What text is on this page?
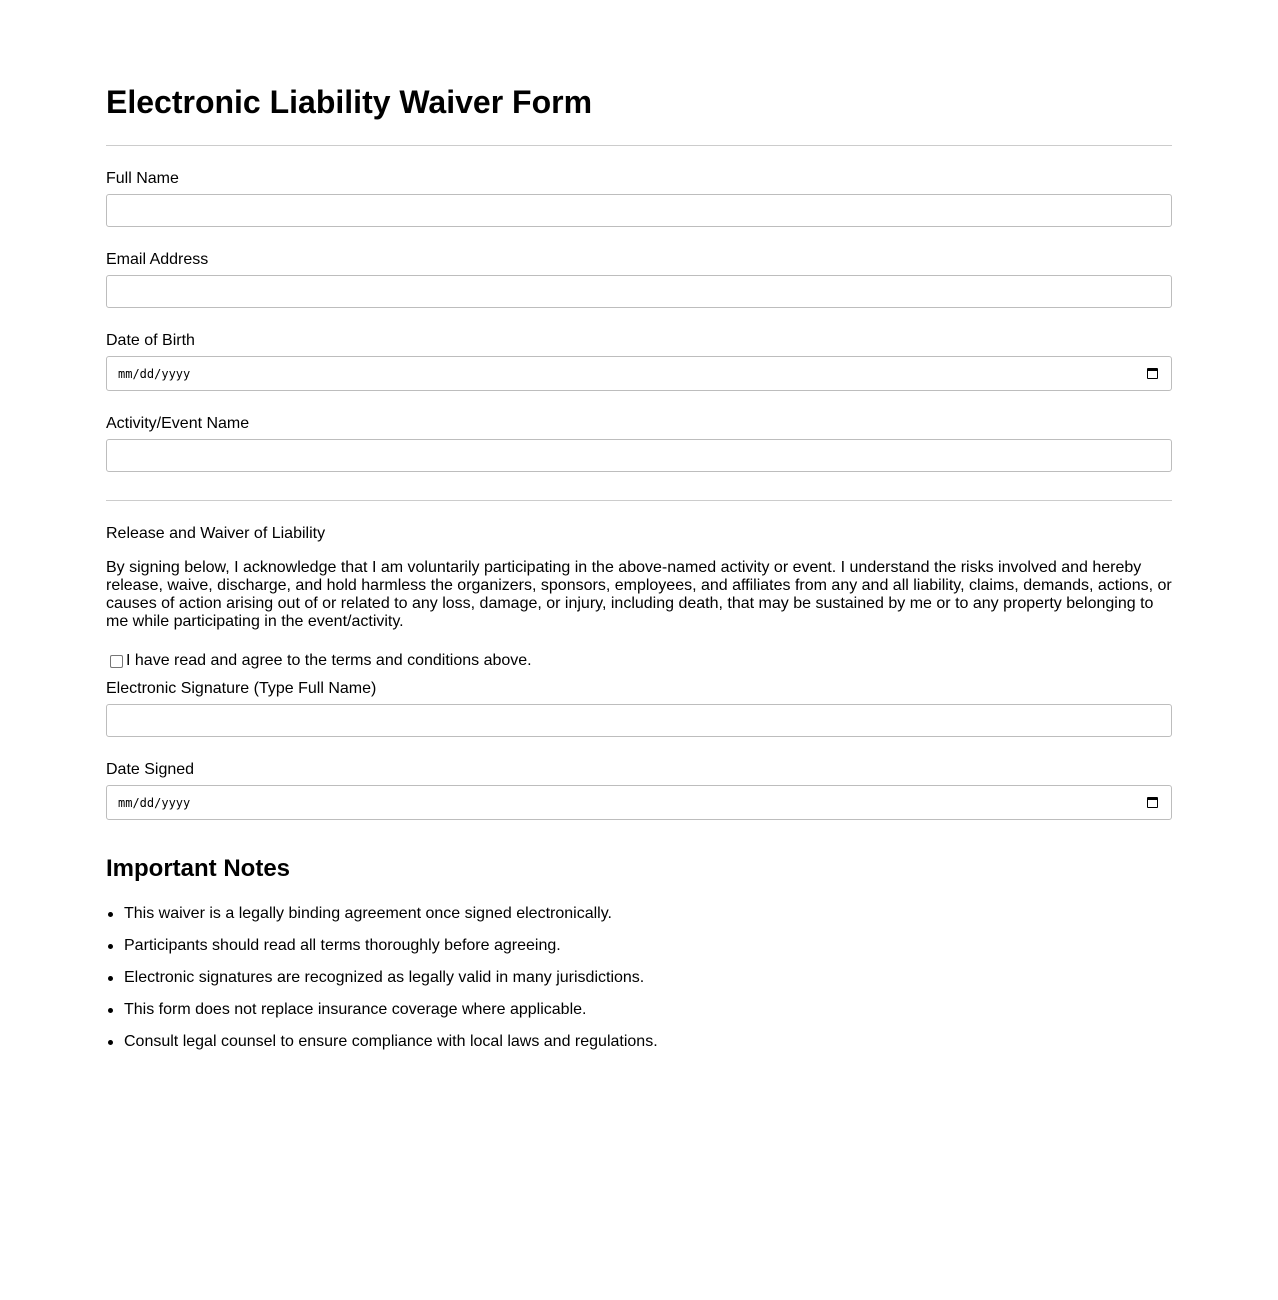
Electronic Liability Waiver Form
Full Name
Email Address
Date of Birth
mm/dd/yyyy
Activity/Event Name
Release and Waiver of Liability

By signing below, I acknowledge that I am voluntarily participating in the above-named activity or event. I understand the risks involved and hereby release, waive, discharge, and hold harmless the organizers, sponsors, employees, and affiliates from any and all liability, claims, demands, actions, or causes of action arising out of or related to any loss, damage, or injury, including death, that may be sustained by me or to any property belonging to me while participating in the event/activity.

I have read and agree to the terms and conditions above.
Electronic Signature (Type Full Name)
Date Signed
mm/dd/yyyy
Important Notes
This waiver is a legally binding agreement once signed electronically.
Participants should read all terms thoroughly before agreeing.
Electronic signatures are recognized as legally valid in many jurisdictions.
This form does not replace insurance coverage where applicable.
Consult legal counsel to ensure compliance with local laws and regulations.
